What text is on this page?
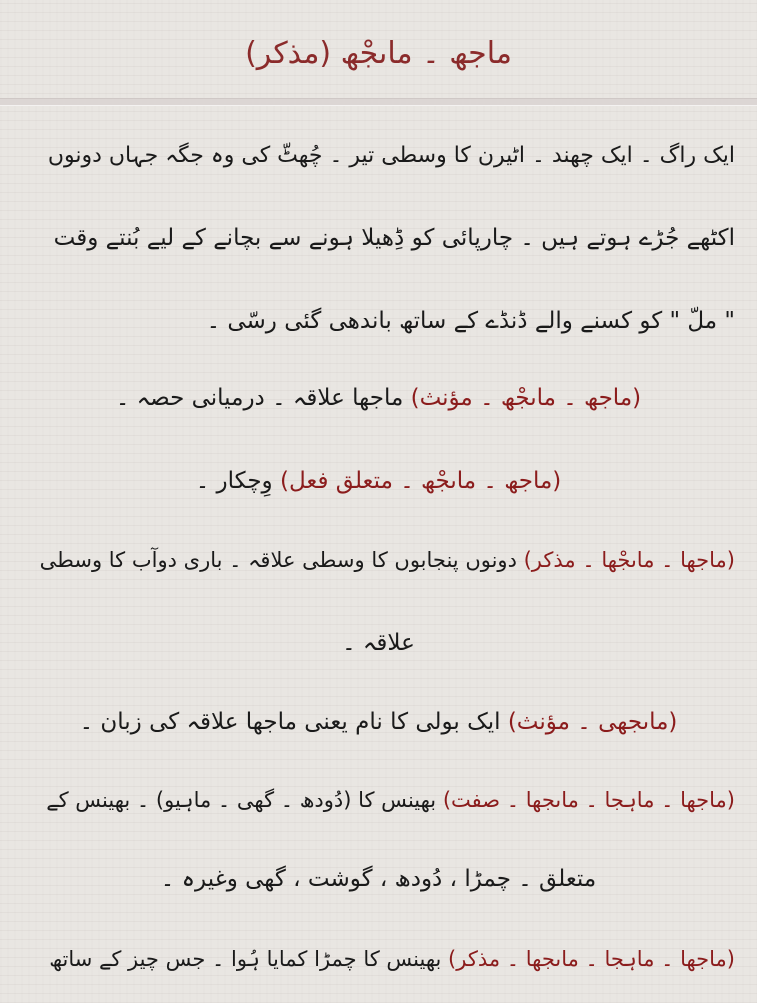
ماجھ ۔ ماںجْھ (مذکر)
ایک راگ ۔ ایک چھند ۔ اٹیرن کا وسطی تیر ۔ چُھٹّ کی وہ جگہ جہاں دونوں
اکٹھے جُڑے ہوتے ہیں ۔ چارپائی کو ڈِھیلا ہونے سے بچانے کے لیے بُنتے وقت
" ملّ " کو کسنے والے ڈنڈے کے ساتھ باندھی گئی رسّی ۔
(ماجھ ۔ ماںجْھ ۔ مؤنث) ماجھا علاقہ ۔ درمیانی حصہ ۔
(ماجھ ۔ ماںجْھ ۔ متعلق فعل) وِچکار ۔
(ماجھا ۔ ماںجْھا ۔ مذکر) دونوں پنجابوں کا وسطی علاقہ ۔ باری دوآب کا وسطی
علاقہ ۔
(ماںجھی ۔ مؤنث) ایک بولی کا نام یعنی ماجھا علاقہ کی زبان ۔
(ماجھا ۔ ماہجا ۔ ماںجھا ۔ صفت) بھینس کا (دُودھ ۔ گھی ۔ ماہیو) ۔ بھینس کے
متعلق ۔ چمڑا ، دُودھ ، گوشت ، گھی وغیرہ ۔
(ماجھا ۔ ماہجا ۔ ماںجھا ۔ مذکر) بھینس کا چمڑا کمایا ہُوا ۔ جس چیز کے ساتھ
